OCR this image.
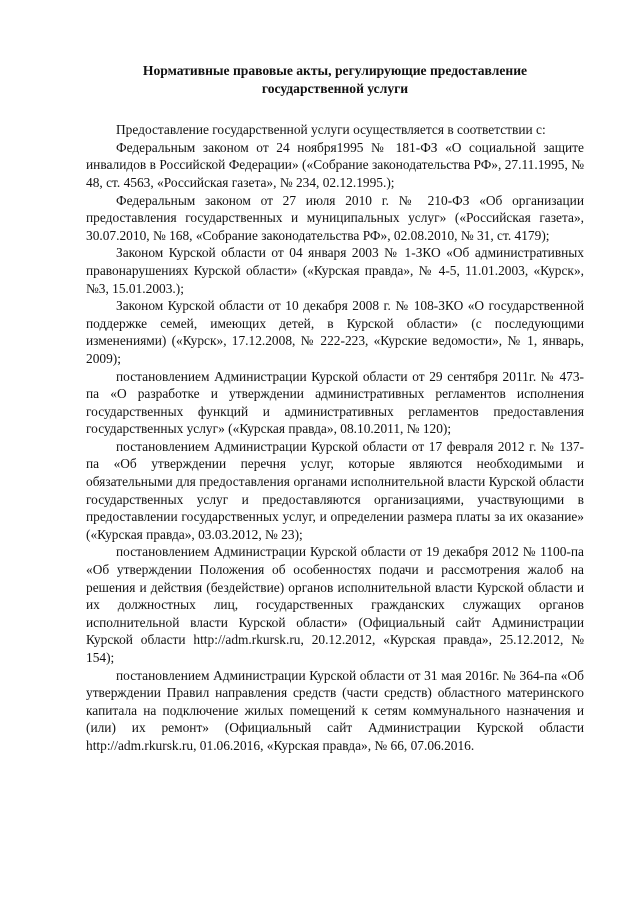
Нормативные правовые акты, регулирующие предоставление
государственной услуги

Предоставление государственной услуги осуществляется в соответствии с:

Федеральным законом от 24 ноября1995 № 181-ФЗ «О социальной защите инвалидов в Российской Федерации» («Собрание законодательства РФ», 27.11.1995, № 48, ст. 4563, «Российская газета», № 234, 02.12.1995.);

Федеральным законом от 27 июля 2010 г. № 210-ФЗ «Об организации предоставления государственных и муниципальных услуг» («Российская газета», 30.07.2010, № 168, «Собрание законодательства РФ», 02.08.2010, № 31, ст. 4179);

Законом Курской области от 04 января 2003 № 1-ЗКО «Об административных правонарушениях Курской области» («Курская правда», № 4-5, 11.01.2003, «Курск», №3, 15.01.2003.);

Законом Курской области от 10 декабря 2008 г. № 108-ЗКО «О государственной поддержке семей, имеющих детей, в Курской области» (с последующими изменениями) («Курск», 17.12.2008, № 222-223, «Курские ведомости», № 1, январь, 2009);

постановлением Администрации Курской области от 29 сентября 2011г. № 473-па «О разработке и утверждении административных регламентов исполнения государственных функций и административных регламентов предоставления государственных услуг» («Курская правда», 08.10.2011, № 120);

постановлением Администрации Курской области от 17 февраля 2012 г. № 137-па «Об утверждении перечня услуг, которые являются необходимыми и обязательными для предоставления органами исполнительной власти Курской области государственных услуг и предоставляются организациями, участвующими в предоставлении государственных услуг, и определении размера платы за их оказание» («Курская правда», 03.03.2012, № 23);

постановлением Администрации Курской области от 19 декабря 2012 № 1100-па «Об утверждении Положения об особенностях подачи и рассмотрения жалоб на решения и действия (бездействие) органов исполнительной власти Курской области и их должностных лиц, государственных гражданских служащих органов исполнительной власти Курской области» (Официальный сайт Администрации Курской области http://adm.rkursk.ru, 20.12.2012, «Курская правда», 25.12.2012, № 154);

постановлением Администрации Курской области от 31 мая 2016г. № 364-па «Об утверждении Правил направления средств (части средств) областного материнского капитала на подключение жилых помещений к сетям коммунального назначения и (или) их ремонт» (Официальный сайт Администрации Курской области http://adm.rkursk.ru, 01.06.2016, «Курская правда», № 66, 07.06.2016.
